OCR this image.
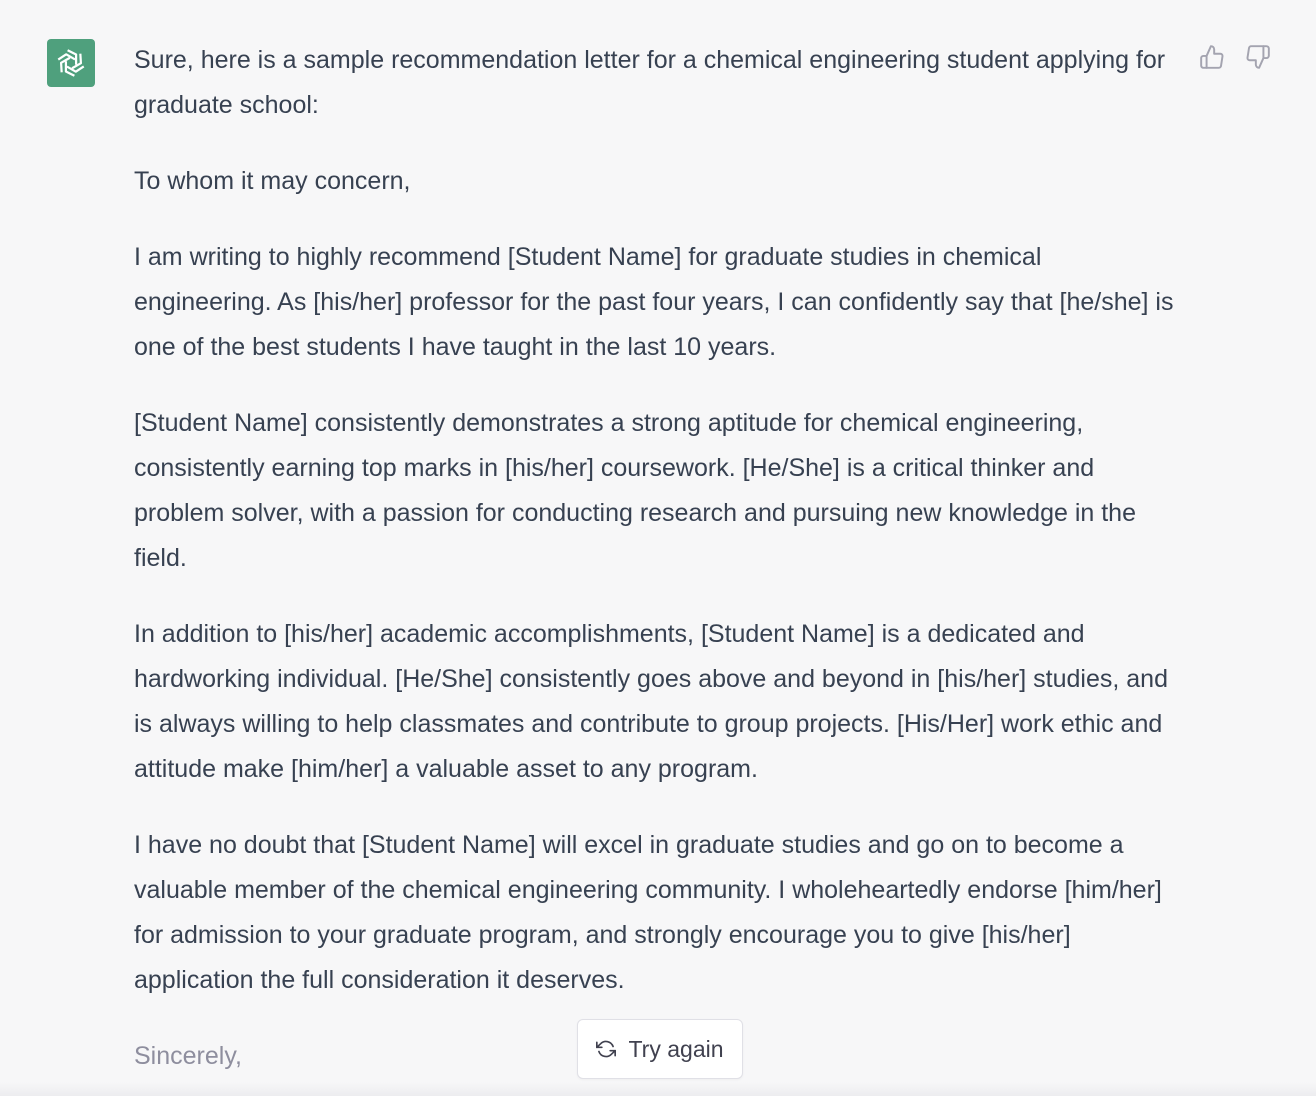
Sure, here is a sample recommendation letter for a chemical engineering student applying for graduate school:

To whom it may concern,

I am writing to highly recommend [Student Name] for graduate studies in chemical engineering. As [his/her] professor for the past four years, I can confidently say that [he/she] is one of the best students I have taught in the last 10 years.

[Student Name] consistently demonstrates a strong aptitude for chemical engineering, consistently earning top marks in [his/her] coursework. [He/She] is a critical thinker and problem solver, with a passion for conducting research and pursuing new knowledge in the field.

In addition to [his/her] academic accomplishments, [Student Name] is a dedicated and hardworking individual. [He/She] consistently goes above and beyond in [his/her] studies, and is always willing to help classmates and contribute to group projects. [His/Her] work ethic and attitude make [him/her] a valuable asset to any program.

I have no doubt that [Student Name] will excel in graduate studies and go on to become a valuable member of the chemical engineering community. I wholeheartedly endorse [him/her] for admission to your graduate program, and strongly encourage you to give [his/her] application the full consideration it deserves.

Sincerely,	Try again
